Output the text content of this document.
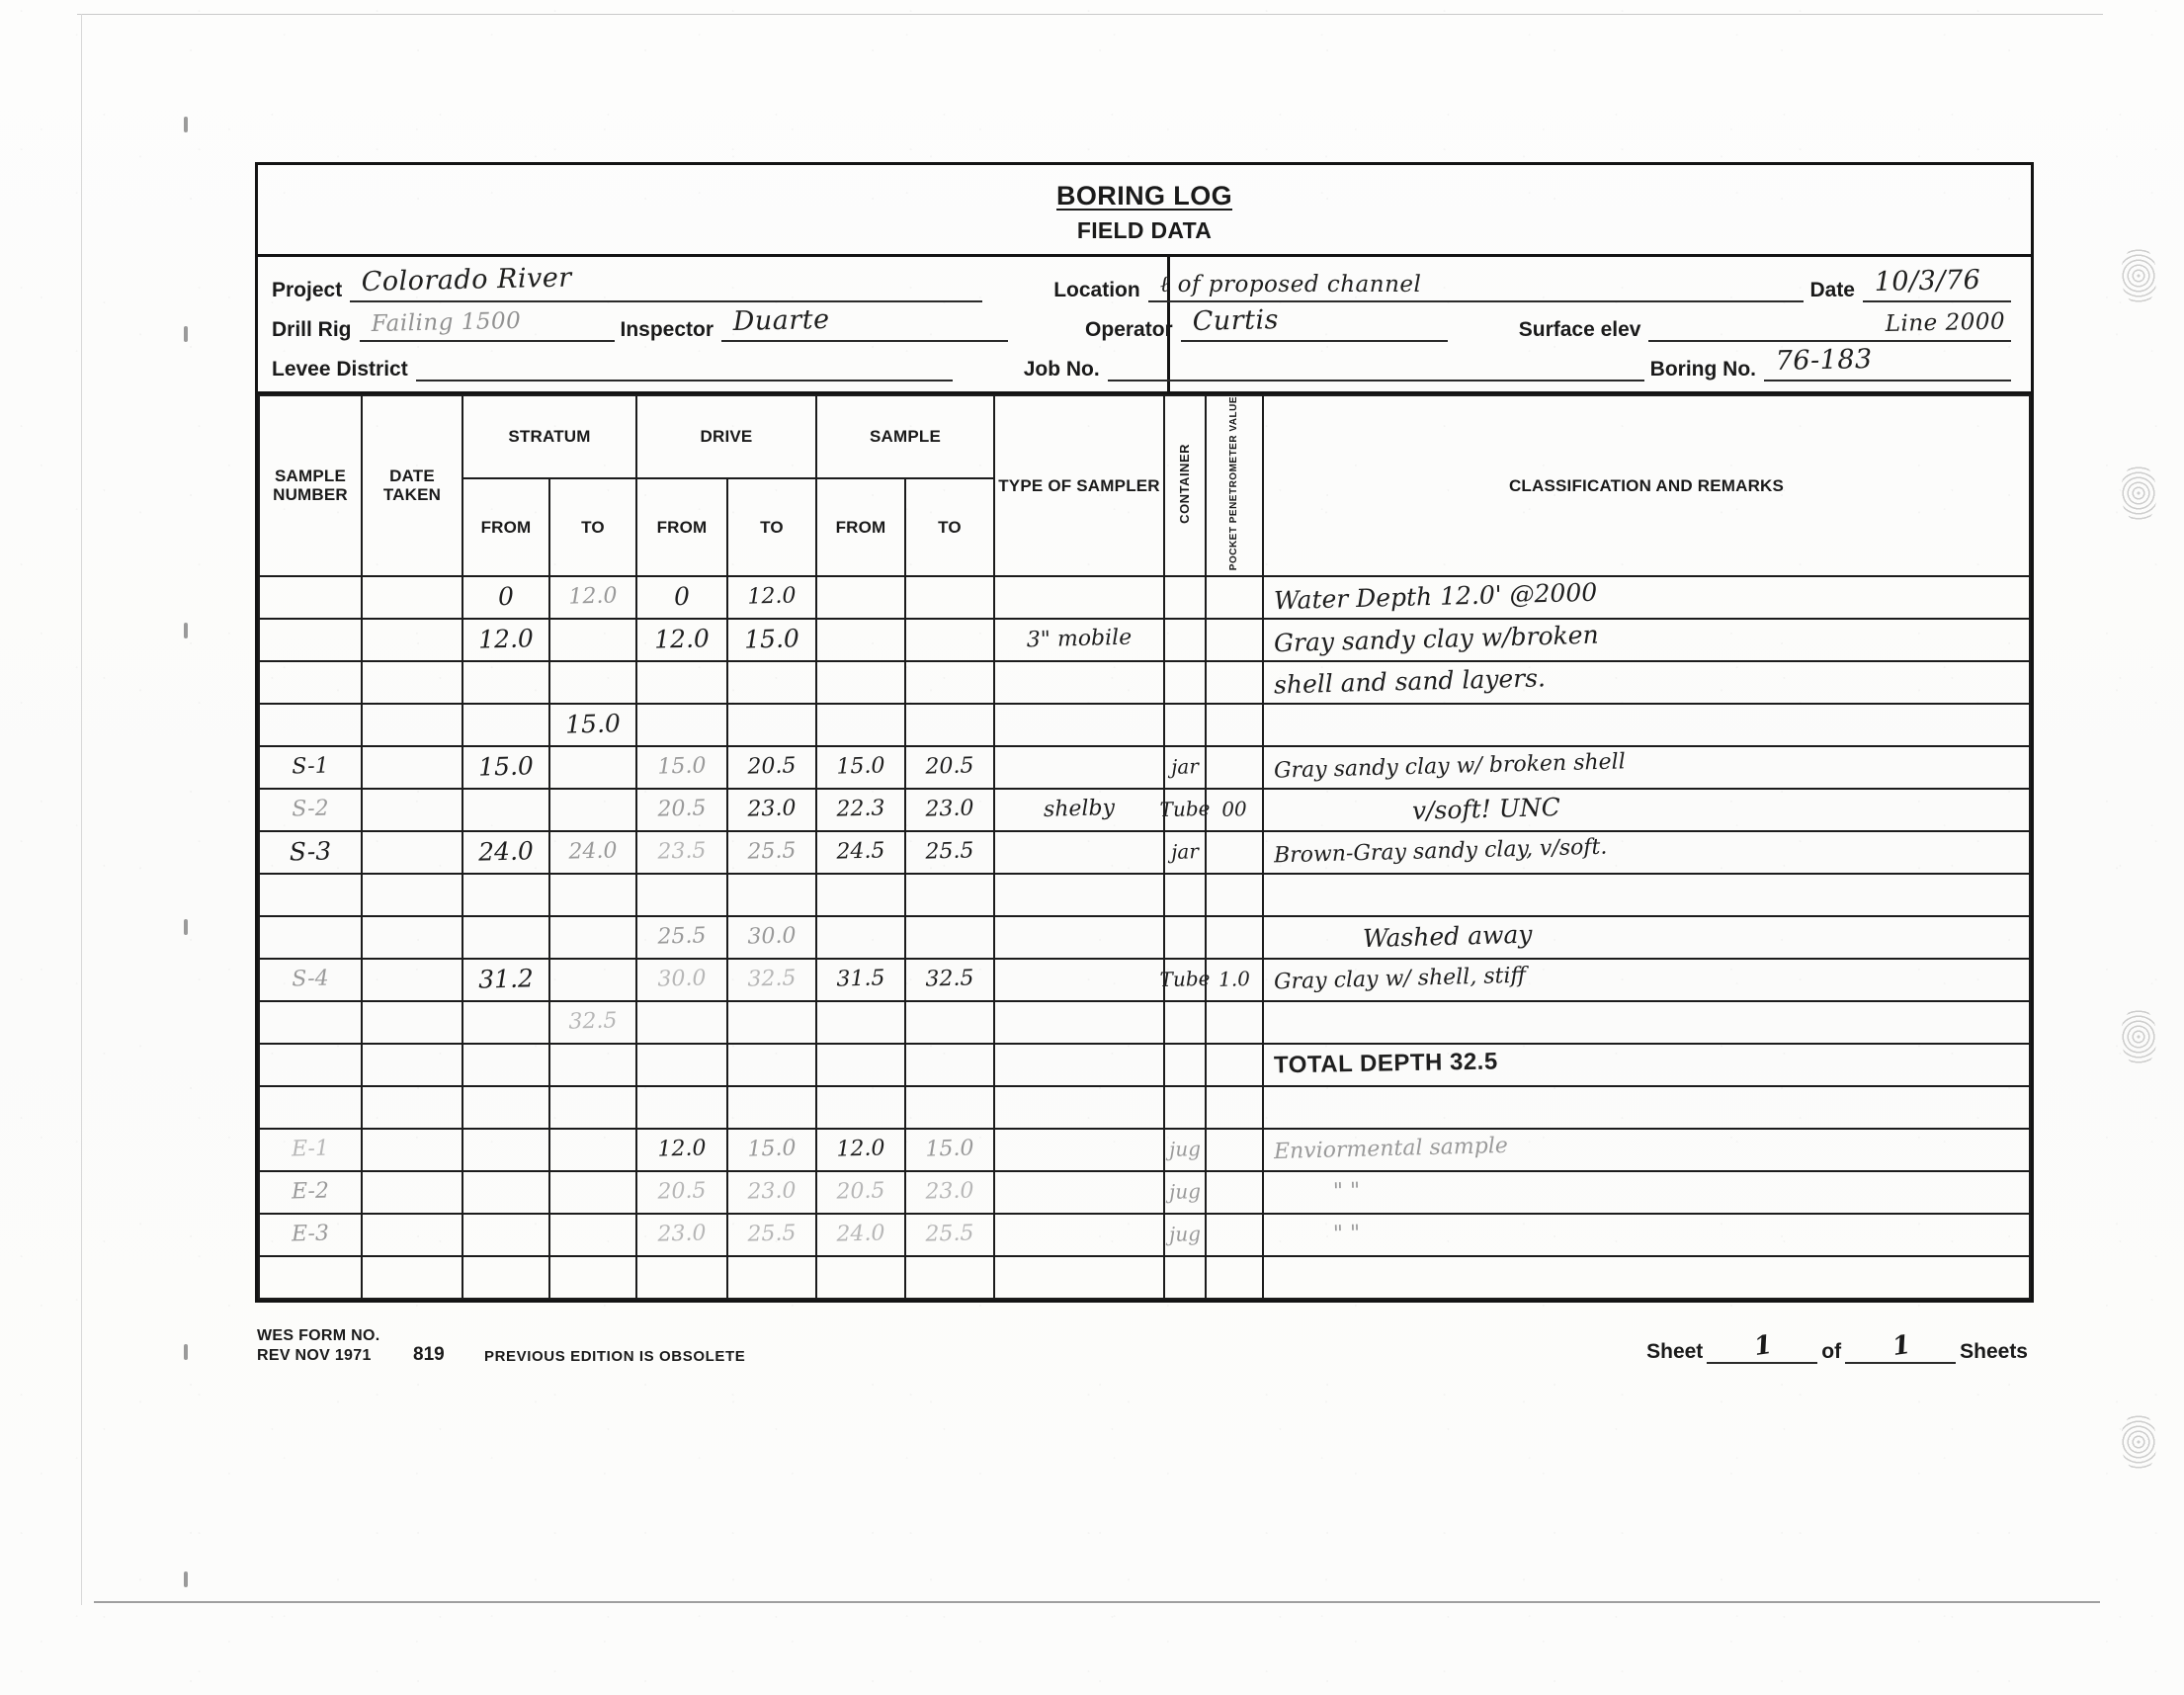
BORING LOG
FIELD DATA
Project Colorado River	Location ℓ of proposed channel	Date 10/3/76
Drill Rig Failing 1500	Inspector Duarte	Operator Curtis	Surface elev	Line 2000
Levee District	Job No.	Boring No. 76-183
SAMPLE NUMBER	DATE TAKEN	STRATUM		DRIVE		SAMPLE		TYPE OF SAMPLER	CONTAINER	POCKET PENETROMETER VALUE	CLASSIFICATION AND REMARKS
		FROM	TO	FROM	TO	FROM	TO				

		0	12.0	0	12.0						Water Depth 12.0' @2000

		12.0		12.0	15.0			3" mobile			Gray sandy clay w/broken

											shell and sand layers.

			15.0								

S-1		15.0		15.0	20.5	15.0	20.5		jar		Gray sandy clay w/ broken shell

S-2				20.5	23.0	22.3	23.0	shelby	Tube	00	v/soft! UNC

S-3		24.0	24.0	23.5	25.5	24.5	25.5		jar		Brown-Gray sandy clay, v/soft.

				25.5	30.0						Washed away

S-4		31.2		30.0	32.5	31.5	32.5		Tube	1.0	Gray clay w/ shell, stiff

			32.5								

											TOTAL DEPTH 32.5

E-1				12.0	15.0	12.0	15.0		jug		Enviormental sample

E-2				20.5	23.0	20.5	23.0		jug		" "

E-3				23.0	25.5	24.0	25.5		jug		" "

WES FORM NO.
REV NOV 1971	819	PREVIOUS EDITION IS OBSOLETE	Sheet 1 of 1 Sheets
